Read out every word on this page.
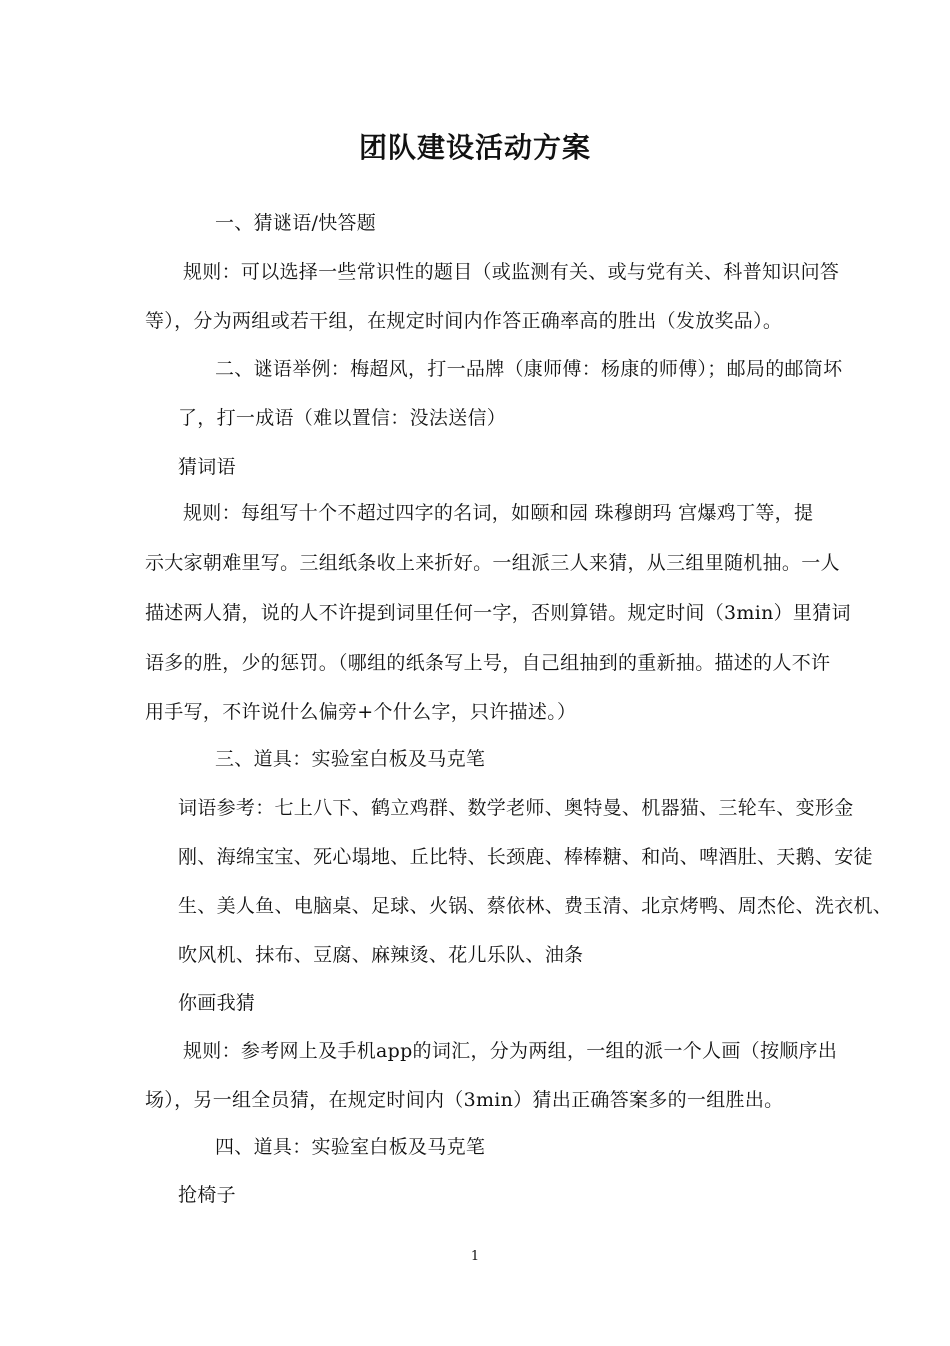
团队建设活动方案
一、猜谜语/快答题
规则：可以选择一些常识性的题目（或监测有关、或与党有关、科普知识问答
等），分为两组或若干组，在规定时间内作答正确率高的胜出（发放奖品）。
二、谜语举例：梅超风，打一品牌（康师傅：杨康的师傅）；邮局的邮筒坏
了，打一成语（难以置信：没法送信）
猜词语
规则：每组写十个不超过四字的名词，如颐和园 珠穆朗玛 宫爆鸡丁等，提
示大家朝难里写。三组纸条收上来折好。一组派三人来猜，从三组里随机抽。一人
描述两人猜，说的人不许提到词里任何一字，否则算错。规定时间（3min）里猜词
语多的胜，少的惩罚。（哪组的纸条写上号，自己组抽到的重新抽。描述的人不许
用手写，不许说什么偏旁+个什么字，只许描述。）
三、道具：实验室白板及马克笔
词语参考：七上八下、鹤立鸡群、数学老师、奥特曼、机器猫、三轮车、变形金
刚、海绵宝宝、死心塌地、丘比特、长颈鹿、棒棒糖、和尚、啤酒肚、天鹅、安徒
生、美人鱼、电脑桌、足球、火锅、蔡依林、费玉清、北京烤鸭、周杰伦、洗衣机、
吹风机、抹布、豆腐、麻辣烫、花儿乐队、油条
你画我猜
规则：参考网上及手机app的词汇，分为两组，一组的派一个人画（按顺序出
场），另一组全员猜，在规定时间内（3min）猜出正确答案多的一组胜出。
四、道具：实验室白板及马克笔
抢椅子
1
